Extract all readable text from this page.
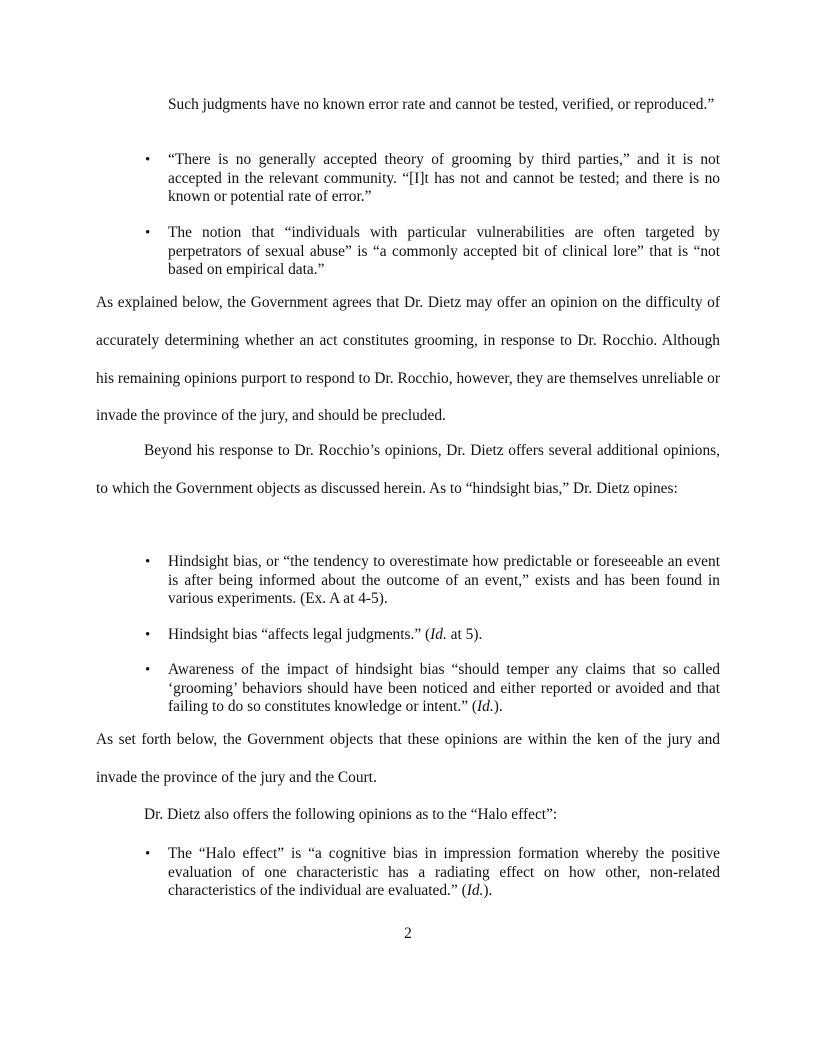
Such judgments have no known error rate and cannot be tested, verified, or reproduced.”

• “There is no generally accepted theory of grooming by third parties,” and it is not accepted in the relevant community. “[I]t has not and cannot be tested; and there is no known or potential rate of error.”
• The notion that “individuals with particular vulnerabilities are often targeted by perpetrators of sexual abuse” is “a commonly accepted bit of clinical lore” that is “not based on empirical data.”

As explained below, the Government agrees that Dr. Dietz may offer an opinion on the difficulty of accurately determining whether an act constitutes grooming, in response to Dr. Rocchio. Although his remaining opinions purport to respond to Dr. Rocchio, however, they are themselves unreliable or invade the province of the jury, and should be precluded.

Beyond his response to Dr. Rocchio’s opinions, Dr. Dietz offers several additional opinions, to which the Government objects as discussed herein. As to “hindsight bias,” Dr. Dietz opines:

• Hindsight bias, or “the tendency to overestimate how predictable or foreseeable an event is after being informed about the outcome of an event,” exists and has been found in various experiments. (Ex. A at 4-5).
• Hindsight bias “affects legal judgments.” (Id. at 5).
• Awareness of the impact of hindsight bias “should temper any claims that so called ‘grooming’ behaviors should have been noticed and either reported or avoided and that failing to do so constitutes knowledge or intent.” (Id.).

As set forth below, the Government objects that these opinions are within the ken of the jury and invade the province of the jury and the Court.

Dr. Dietz also offers the following opinions as to the “Halo effect”:

• The “Halo effect” is “a cognitive bias in impression formation whereby the positive evaluation of one characteristic has a radiating effect on how other, non-related characteristics of the individual are evaluated.” (Id.).
2
